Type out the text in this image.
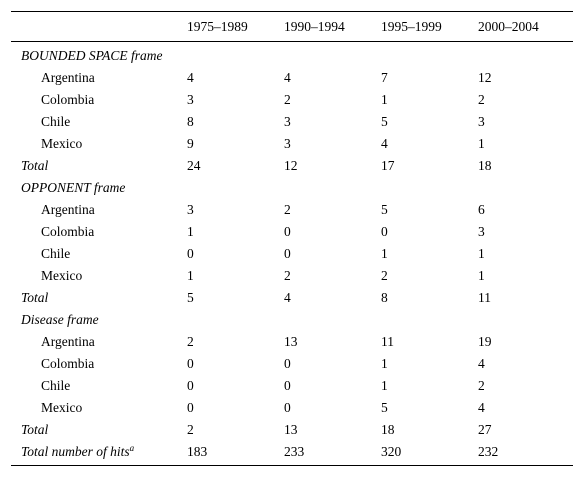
	1975–1989	1990–1994	1995–1999	2000–2004
BOUNDED SPACE frame				
Argentina	4	4	7	12
Colombia	3	2	1	2
Chile	8	3	5	3
Mexico	9	3	4	1
Total	24	12	17	18
OPPONENT frame				
Argentina	3	2	5	6
Colombia	1	0	0	3
Chile	0	0	1	1
Mexico	1	2	2	1
Total	5	4	8	11
Disease frame				
Argentina	2	13	11	19
Colombia	0	0	1	4
Chile	0	0	1	2
Mexico	0	0	5	4
Total	2	13	18	27
Total number of hits$^a$	183	233	320	232
